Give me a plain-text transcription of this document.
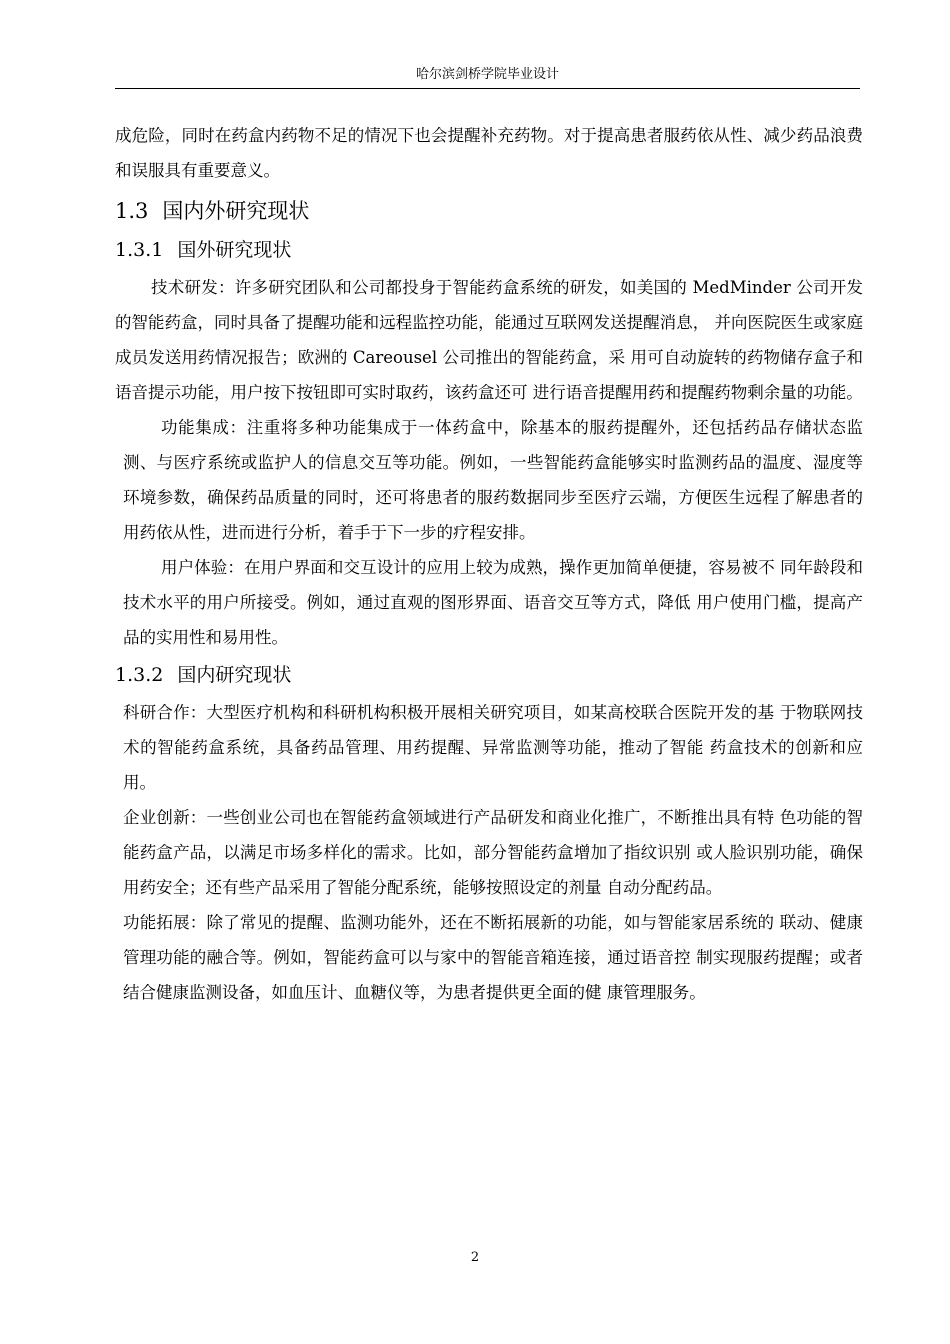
哈尔滨剑桥学院毕业设计

成危险，同时在药盒内药物不足的情况下也会提醒补充药物。对于提高患者服药依从性、减少药品浪费和误服具有重要意义。

1.3 国内外研究现状
1.3.1 国外研究现状

技术研发：许多研究团队和公司都投身于智能药盒系统的研发，如美国的 MedMinder 公司开发的智能药盒，同时具备了提醒功能和远程监控功能，能通过互联网发送提醒消息， 并向医院医生或家庭成员发送用药情况报告；欧洲的 Careousel 公司推出的智能药盒，采 用可自动旋转的药物储存盒子和语音提示功能，用户按下按钮即可实时取药，该药盒还可 进行语音提醒用药和提醒药物剩余量的功能。

功能集成：注重将多种功能集成于一体药盒中，除基本的服药提醒外，还包括药品存储状态监测、与医疗系统或监护人的信息交互等功能。例如，一些智能药盒能够实时监测药品的温度、湿度等环境参数，确保药品质量的同时，还可将患者的服药数据同步至医疗云端，方便医生远程了解患者的用药依从性，进而进行分析，着手于下一步的疗程安排。

用户体验：在用户界面和交互设计的应用上较为成熟，操作更加简单便捷，容易被不 同年龄段和技术水平的用户所接受。例如，通过直观的图形界面、语音交互等方式，降低 用户使用门槛，提高产品的实用性和易用性。

1.3.2 国内研究现状

科研合作：大型医疗机构和科研机构积极开展相关研究项目，如某高校联合医院开发的基 于物联网技术的智能药盒系统，具备药品管理、用药提醒、异常监测等功能，推动了智能 药盒技术的创新和应用。

企业创新：一些创业公司也在智能药盒领域进行产品研发和商业化推广，不断推出具有特 色功能的智能药盒产品，以满足市场多样化的需求。比如，部分智能药盒增加了指纹识别 或人脸识别功能，确保用药安全；还有些产品采用了智能分配系统，能够按照设定的剂量 自动分配药品。

功能拓展：除了常见的提醒、监测功能外，还在不断拓展新的功能，如与智能家居系统的 联动、健康管理功能的融合等。例如，智能药盒可以与家中的智能音箱连接，通过语音控 制实现服药提醒；或者结合健康监测设备，如血压计、血糖仪等，为患者提供更全面的健 康管理服务。

2
